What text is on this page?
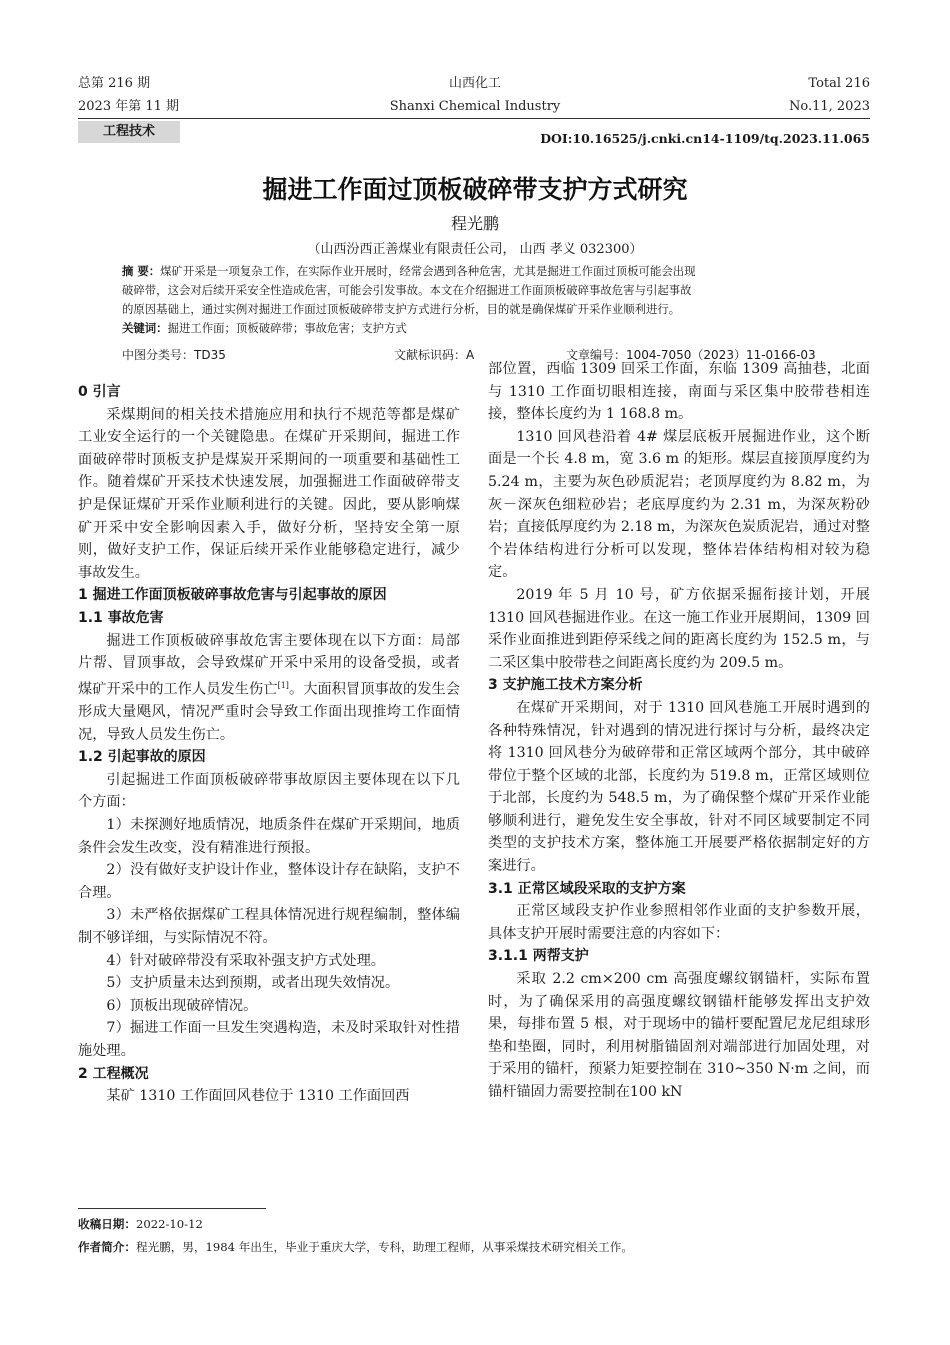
总第 216 期
2023 年第 11 期
山西化工
Shanxi Chemical Industry
Total 216
No.11, 2023
工程技术	DOI:10.16525/j.cnki.cn14-1109/tq.2023.11.065
掘进工作面过顶板破碎带支护方式研究
程光鹏
（山西汾西正善煤业有限责任公司， 山西 孝义 032300）
摘 要：煤矿开采是一项复杂工作，在实际作业开展时，经常会遇到各种危害，尤其是掘进工作面过顶板可能会出现
破碎带，这会对后续开采安全性造成危害，可能会引发事故。本文在介绍掘进工作面顶板破碎事故危害与引起事故
的原因基础上，通过实例对掘进工作面过顶板破碎带支护方式进行分析，目的就是确保煤矿开采作业顺利进行。
关键词：掘进工作面；顶板破碎带；事故危害；支护方式
中图分类号：TD35	文献标识码：A	文章编号：1004-7050（2023）11-0166-03

0 引言

采煤期间的相关技术措施应用和执行不规范等都是煤矿工业安全运行的一个关键隐患。在煤矿开采期间，掘进工作面破碎带时顶板支护是煤炭开采期间的一项重要和基础性工作。随着煤矿开采技术快速发展，加强掘进工作面破碎带支护是保证煤矿开采作业顺利进行的关键。因此，要从影响煤矿开采中安全影响因素入手，做好分析，坚持安全第一原则，做好支护工作，保证后续开采作业能够稳定进行，减少事故发生。

1 掘进工作面顶板破碎事故危害与引起事故的原因

1.1 事故危害

掘进工作顶板破碎事故危害主要体现在以下方面：局部片帮、冒顶事故，会导致煤矿开采中采用的设备受损，或者煤矿开采中的工作人员发生伤亡[1]。大面积冒顶事故的发生会形成大量飓风，情况严重时会导致工作面出现推垮工作面情况，导致人员发生伤亡。

1.2 引起事故的原因

引起掘进工作面顶板破碎带事故原因主要体现在以下几个方面：

1）未探测好地质情况，地质条件在煤矿开采期间，地质条件会发生改变，没有精准进行预报。

2）没有做好支护设计作业，整体设计存在缺陷，支护不合理。

3）未严格依据煤矿工程具体情况进行规程编制，整体编制不够详细，与实际情况不符。

4）针对破碎带没有采取补强支护方式处理。

5）支护质量未达到预期，或者出现失效情况。

6）顶板出现破碎情况。

7）掘进工作面一旦发生突遇构造，未及时采取针对性措施处理。

2 工程概况

某矿 1310 工作面回风巷位于 1310 工作面回西

部位置，西临 1309 回采工作面，东临 1309 高抽巷，北面与 1310 工作面切眼相连接，南面与采区集中胶带巷相连接，整体长度约为 1 168.8 m。

1310 回风巷沿着 4# 煤层底板开展掘进作业，这个断面是一个长 4.8 m，宽 3.6 m 的矩形。煤层直接顶厚度约为 5.24 m，主要为灰色砂质泥岩；老顶厚度约为 8.82 m，为灰－深灰色细粒砂岩；老底厚度约为 2.31 m，为深灰粉砂岩；直接低厚度约为 2.18 m，为深灰色炭质泥岩，通过对整个岩体结构进行分析可以发现，整体岩体结构相对较为稳定。

2019 年 5 月 10 号，矿方依据采掘衔接计划，开展 1310 回风巷掘进作业。在这一施工作业开展期间，1309 回采作业面推进到距停采线之间的距离长度约为 152.5 m，与二采区集中胶带巷之间距离长度约为 209.5 m。

3 支护施工技术方案分析

在煤矿开采期间，对于 1310 回风巷施工开展时遇到的各种特殊情况，针对遇到的情况进行探讨与分析，最终决定将 1310 回风巷分为破碎带和正常区域两个部分，其中破碎带位于整个区域的北部，长度约为 519.8 m，正常区域则位于北部，长度约为 548.5 m，为了确保整个煤矿开采作业能够顺利进行，避免发生安全事故，针对不同区域要制定不同类型的支护技术方案，整体施工开展要严格依据制定好的方案进行。

3.1 正常区域段采取的支护方案

正常区域段支护作业参照相邻作业面的支护参数开展，具体支护开展时需要注意的内容如下：

3.1.1 两帮支护

采取 2.2 cm×200 cm 高强度螺纹钢锚杆，实际布置时，为了确保采用的高强度螺纹钢锚杆能够发挥出支护效果，每排布置 5 根，对于现场中的锚杆要配置尼龙尼组球形垫和垫圈，同时，利用树脂锚固剂对端部进行加固处理，对于采用的锚杆，预紧力矩要控制在 310~350 N·m 之间，而锚杆锚固力需要控制在100 kN

收稿日期：2022-10-12
作者简介：程光鹏，男，1984 年出生，毕业于重庆大学，专科，助理工程师，从事采煤技术研究相关工作。
